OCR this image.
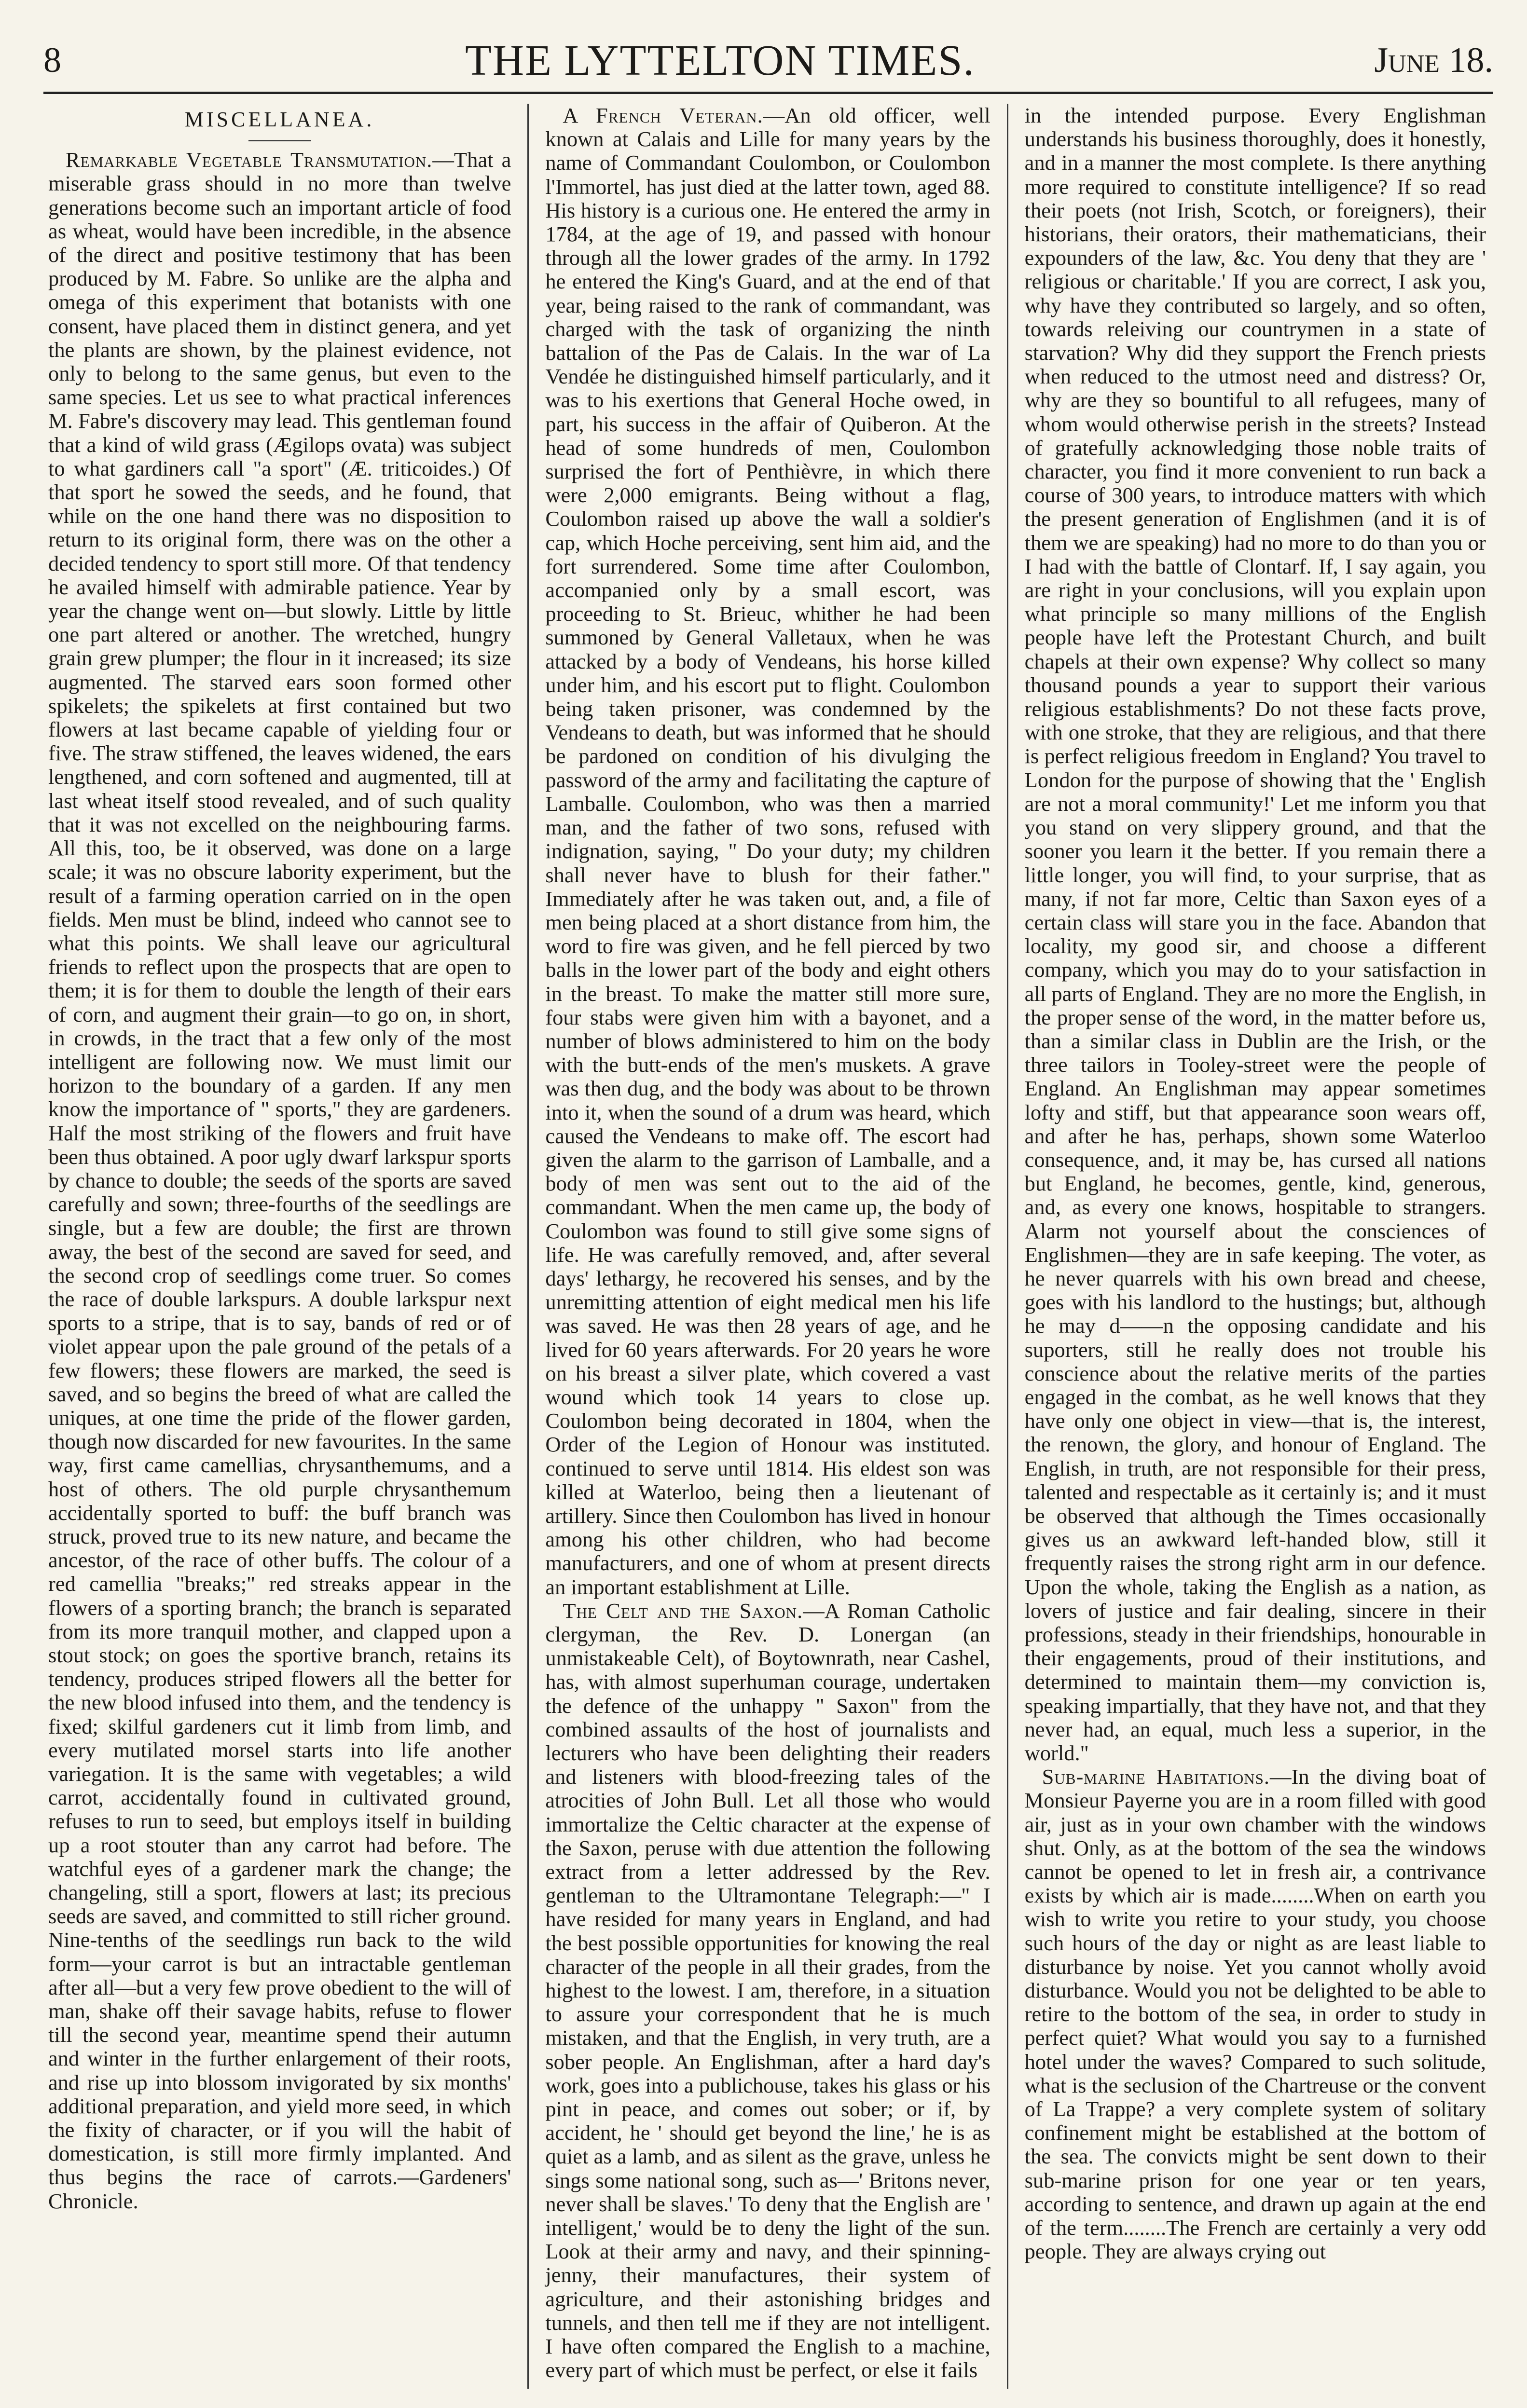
8	THE LYTTELTON TIMES.	June 18.
MISCELLANEA.

Remarkable Vegetable Transmutation.—That a miserable grass should in no more than twelve generations become such an important article of food as wheat, would have been incredible, in the absence of the direct and positive testimony that has been produced by M. Fabre. So unlike are the alpha and omega of this experiment that botanists with one consent, have placed them in distinct genera, and yet the plants are shown, by the plainest evidence, not only to belong to the same genus, but even to the same species. Let us see to what practical inferences M. Fabre's discovery may lead. This gentleman found that a kind of wild grass (Ægilops ovata) was subject to what gardiners call "a sport" (Æ. triticoides.) Of that sport he sowed the seeds, and he found, that while on the one hand there was no disposition to return to its original form, there was on the other a decided tendency to sport still more. Of that tendency he availed himself with admirable patience. Year by year the change went on—but slowly. Little by little one part altered or another. The wretched, hungry grain grew plumper; the flour in it increased; its size augmented. The starved ears soon formed other spikelets; the spikelets at first contained but two flowers at last became capable of yielding four or five. The straw stiffened, the leaves widened, the ears lengthened, and corn softened and augmented, till at last wheat itself stood revealed, and of such quality that it was not excelled on the neighbouring farms. All this, too, be it observed, was done on a large scale; it was no obscure labority experiment, but the result of a farming operation carried on in the open fields. Men must be blind, indeed who cannot see to what this points. We shall leave our agricultural friends to reflect upon the prospects that are open to them; it is for them to double the length of their ears of corn, and augment their grain—to go on, in short, in crowds, in the tract that a few only of the most intelligent are following now. We must limit our horizon to the boundary of a garden. If any men know the importance of " sports," they are gardeners. Half the most striking of the flowers and fruit have been thus obtained. A poor ugly dwarf larkspur sports by chance to double; the seeds of the sports are saved carefully and sown; three-fourths of the seedlings are single, but a few are double; the first are thrown away, the best of the second are saved for seed, and the second crop of seedlings come truer. So comes the race of double larkspurs. A double larkspur next sports to a stripe, that is to say, bands of red or of violet appear upon the pale ground of the petals of a few flowers; these flowers are marked, the seed is saved, and so begins the breed of what are called the uniques, at one time the pride of the flower garden, though now discarded for new favourites. In the same way, first came camellias, chrysanthemums, and a host of others. The old purple chrysanthemum accidentally sported to buff: the buff branch was struck, proved true to its new nature, and became the ancestor, of the race of other buffs. The colour of a red camellia "breaks;" red streaks appear in the flowers of a sporting branch; the branch is separated from its more tranquil mother, and clapped upon a stout stock; on goes the sportive branch, retains its tendency, produces striped flowers all the better for the new blood infused into them, and the tendency is fixed; skilful gardeners cut it limb from limb, and every mutilated morsel starts into life another variegation. It is the same with vegetables; a wild carrot, accidentally found in cultivated ground, refuses to run to seed, but employs itself in building up a root stouter than any carrot had before. The watchful eyes of a gardener mark the change; the changeling, still a sport, flowers at last; its precious seeds are saved, and committed to still richer ground. Nine-tenths of the seedlings run back to the wild form—your carrot is but an intractable gentleman after all—but a very few prove obedient to the will of man, shake off their savage habits, refuse to flower till the second year, meantime spend their autumn and winter in the further enlargement of their roots, and rise up into blossom invigorated by six months' additional preparation, and yield more seed, in which the fixity of character, or if you will the habit of domestication, is still more firmly implanted. And thus begins the race of carrots.—Gardeners' Chronicle.

A French Veteran.—An old officer, well known at Calais and Lille for many years by the name of Commandant Coulombon, or Coulombon l'Immortel, has just died at the latter town, aged 88. His history is a curious one. He entered the army in 1784, at the age of 19, and passed with honour through all the lower grades of the army. In 1792 he entered the King's Guard, and at the end of that year, being raised to the rank of commandant, was charged with the task of organizing the ninth battalion of the Pas de Calais. In the war of La Vendée he distinguished himself particularly, and it was to his exertions that General Hoche owed, in part, his success in the affair of Quiberon. At the head of some hundreds of men, Coulombon surprised the fort of Penthièvre, in which there were 2,000 emigrants. Being without a flag, Coulombon raised up above the wall a soldier's cap, which Hoche perceiving, sent him aid, and the fort surrendered. Some time after Coulombon, accompanied only by a small escort, was proceeding to St. Brieuc, whither he had been summoned by General Valletaux, when he was attacked by a body of Vendeans, his horse killed under him, and his escort put to flight. Coulombon being taken prisoner, was condemned by the Vendeans to death, but was informed that he should be pardoned on condition of his divulging the password of the army and facilitating the capture of Lamballe. Coulombon, who was then a married man, and the father of two sons, refused with indignation, saying, " Do your duty; my children shall never have to blush for their father." Immediately after he was taken out, and, a file of men being placed at a short distance from him, the word to fire was given, and he fell pierced by two balls in the lower part of the body and eight others in the breast. To make the matter still more sure, four stabs were given him with a bayonet, and a number of blows administered to him on the body with the butt-ends of the men's muskets. A grave was then dug, and the body was about to be thrown into it, when the sound of a drum was heard, which caused the Vendeans to make off. The escort had given the alarm to the garrison of Lamballe, and a body of men was sent out to the aid of the commandant. When the men came up, the body of Coulombon was found to still give some signs of life. He was carefully removed, and, after several days' lethargy, he recovered his senses, and by the unremitting attention of eight medical men his life was saved. He was then 28 years of age, and he lived for 60 years afterwards. For 20 years he wore on his breast a silver plate, which covered a vast wound which took 14 years to close up. Coulombon being decorated in 1804, when the Order of the Legion of Honour was instituted. continued to serve until 1814. His eldest son was killed at Waterloo, being then a lieutenant of artillery. Since then Coulombon has lived in honour among his other children, who had become manufacturers, and one of whom at present directs an important establishment at Lille.

The Celt and the Saxon.—A Roman Catholic clergyman, the Rev. D. Lonergan (an unmistakeable Celt), of Boytownrath, near Cashel, has, with almost superhuman courage, undertaken the defence of the unhappy " Saxon" from the combined assaults of the host of journalists and lecturers who have been delighting their readers and listeners with blood-freezing tales of the atrocities of John Bull. Let all those who would immortalize the Celtic character at the expense of the Saxon, peruse with due attention the following extract from a letter addressed by the Rev. gentleman to the Ultramontane Telegraph:—" I have resided for many years in England, and had the best possible opportunities for knowing the real character of the people in all their grades, from the highest to the lowest. I am, therefore, in a situation to assure your correspondent that he is much mistaken, and that the English, in very truth, are a sober people. An Englishman, after a hard day's work, goes into a publichouse, takes his glass or his pint in peace, and comes out sober; or if, by accident, he ' should get beyond the line,' he is as quiet as a lamb, and as silent as the grave, unless he sings some national song, such as—' Britons never, never shall be slaves.' To deny that the English are ' intelligent,' would be to deny the light of the sun. Look at their army and navy, and their spinning-jenny, their manufactures, their system of agriculture, and their astonishing bridges and tunnels, and then tell me if they are not intelligent. I have often compared the English to a machine, every part of which must be perfect, or else it fails

in the intended purpose. Every Englishman understands his business thoroughly, does it honestly, and in a manner the most complete. Is there anything more required to constitute intelligence? If so read their poets (not Irish, Scotch, or foreigners), their historians, their orators, their mathematicians, their expounders of the law, &c. You deny that they are ' religious or charitable.' If you are correct, I ask you, why have they contributed so largely, and so often, towards releiving our countrymen in a state of starvation? Why did they support the French priests when reduced to the utmost need and distress? Or, why are they so bountiful to all refugees, many of whom would otherwise perish in the streets? Instead of gratefully acknowledging those noble traits of character, you find it more convenient to run back a course of 300 years, to introduce matters with which the present generation of Englishmen (and it is of them we are speaking) had no more to do than you or I had with the battle of Clontarf. If, I say again, you are right in your conclusions, will you explain upon what principle so many millions of the English people have left the Protestant Church, and built chapels at their own expense? Why collect so many thousand pounds a year to support their various religious establishments? Do not these facts prove, with one stroke, that they are religious, and that there is perfect religious freedom in England? You travel to London for the purpose of showing that the ' English are not a moral community!' Let me inform you that you stand on very slippery ground, and that the sooner you learn it the better. If you remain there a little longer, you will find, to your surprise, that as many, if not far more, Celtic than Saxon eyes of a certain class will stare you in the face. Abandon that locality, my good sir, and choose a different company, which you may do to your satisfaction in all parts of England. They are no more the English, in the proper sense of the word, in the matter before us, than a similar class in Dublin are the Irish, or the three tailors in Tooley-street were the people of England. An Englishman may appear sometimes lofty and stiff, but that appearance soon wears off, and after he has, perhaps, shown some Waterloo consequence, and, it may be, has cursed all nations but England, he becomes, gentle, kind, generous, and, as every one knows, hospitable to strangers. Alarm not yourself about the consciences of Englishmen—they are in safe keeping. The voter, as he never quarrels with his own bread and cheese, goes with his landlord to the hustings; but, although he may d——n the opposing candidate and his suporters, still he really does not trouble his conscience about the relative merits of the parties engaged in the combat, as he well knows that they have only one object in view—that is, the interest, the renown, the glory, and honour of England. The English, in truth, are not responsible for their press, talented and respectable as it certainly is; and it must be observed that although the Times occasionally gives us an awkward left-handed blow, still it frequently raises the strong right arm in our defence. Upon the whole, taking the English as a nation, as lovers of justice and fair dealing, sincere in their professions, steady in their friendships, honourable in their engagements, proud of their institutions, and determined to maintain them—my conviction is, speaking impartially, that they have not, and that they never had, an equal, much less a superior, in the world."

Sub-marine Habitations.—In the diving boat of Monsieur Payerne you are in a room filled with good air, just as in your own chamber with the windows shut. Only, as at the bottom of the sea the windows cannot be opened to let in fresh air, a contrivance exists by which air is made........When on earth you wish to write you retire to your study, you choose such hours of the day or night as are least liable to disturbance by noise. Yet you cannot wholly avoid disturbance. Would you not be delighted to be able to retire to the bottom of the sea, in order to study in perfect quiet? What would you say to a furnished hotel under the waves? Compared to such solitude, what is the seclusion of the Chartreuse or the convent of La Trappe? a very complete system of solitary confinement might be established at the bottom of the sea. The convicts might be sent down to their sub-marine prison for one year or ten years, according to sentence, and drawn up again at the end of the term........The French are certainly a very odd people. They are always crying out
